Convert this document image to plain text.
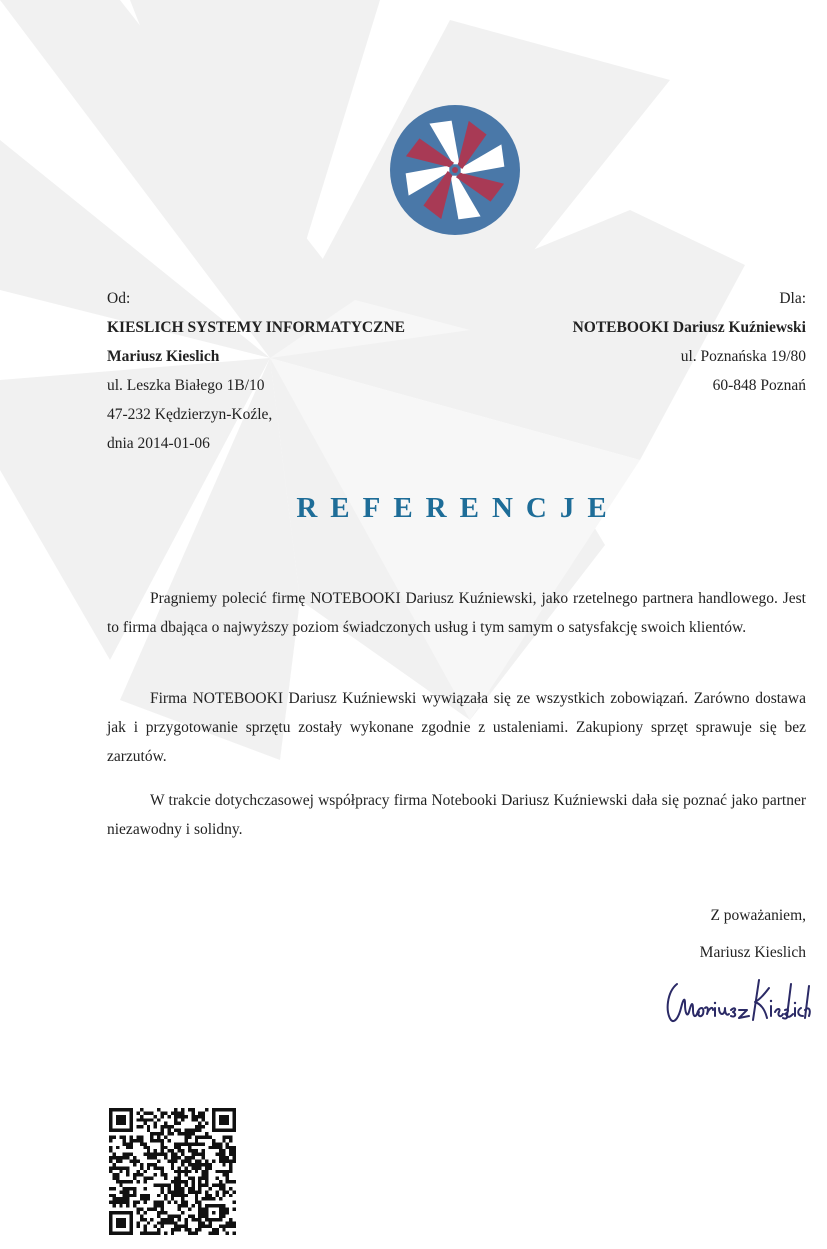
Od:
KIESLICH SYSTEMY INFORMATYCZNE
Mariusz Kieslich
ul. Leszka Białego 1B/10
47-232 Kędzierzyn-Koźle,
dnia 2014-01-06
Dla:
NOTEBOOKI Dariusz Kuźniewski
ul. Poznańska 19/80
60-848 Poznań
REFERENCJE

Pragniemy polecić firmę NOTEBOOKI Dariusz Kuźniewski, jako rzetelnego partnera handlowego. Jest to firma dbająca o najwyższy poziom świadczonych usług i tym samym o satysfakcję swoich klientów.

Firma NOTEBOOKI Dariusz Kuźniewski wywiązała się ze wszystkich zobowiązań. Zarówno dostawa jak i przygotowanie sprzętu zostały wykonane zgodnie z ustaleniami. Zakupiony sprzęt sprawuje się bez zarzutów.

W trakcie dotychczasowej współpracy firma Notebooki Dariusz Kuźniewski dała się poznać jako partner niezawodny i solidny.

Z poważaniem,
Mariusz Kieslich
